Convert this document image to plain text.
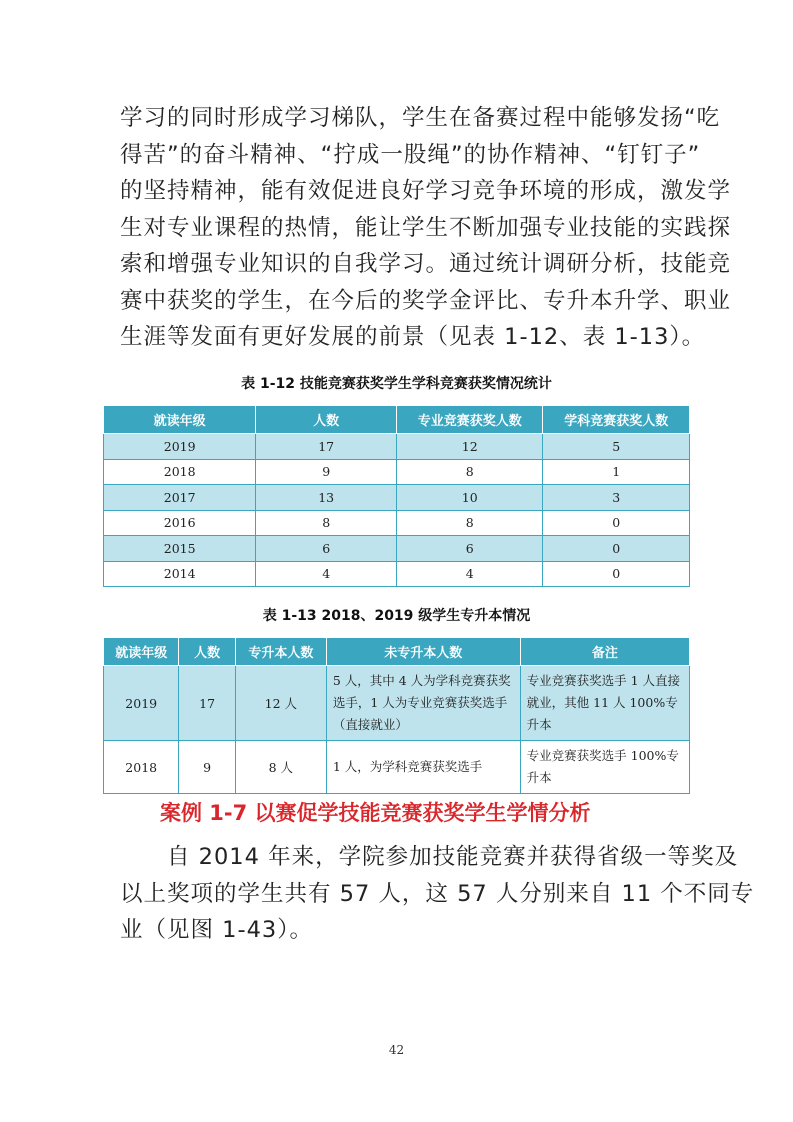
学习的同时形成学习梯队，学生在备赛过程中能够发扬“吃
得苦”的奋斗精神、“拧成一股绳”的协作精神、“钉钉子”
的坚持精神，能有效促进良好学习竞争环境的形成，激发学
生对专业课程的热情，能让学生不断加强专业技能的实践探
索和增强专业知识的自我学习。通过统计调研分析，技能竞
赛中获奖的学生，在今后的奖学金评比、专升本升学、职业
生涯等发面有更好发展的前景（见表 1-12、表 1-13）。
表 1-12 技能竞赛获奖学生学科竞赛获奖情况统计
就读年级	人数	专业竞赛获奖人数	学科竞赛获奖人数
2019	17	12	5
2018	9	8	1
2017	13	10	3
2016	8	8	0
2015	6	6	0
2014	4	4	0
表 1-13 2018、2019 级学生专升本情况
就读年级	人数	专升本人数	未专升本人数	备注
2019	17	12 人	5 人，其中 4 人为学科竞赛获奖选手，1 人为专业竞赛获奖选手（直接就业）	专业竞赛获奖选手 1 人直接就业，其他 11 人 100%专升本
2018	9	8 人	1 人，为学科竞赛获奖选手	专业竞赛获奖选手 100%专升本
案例 1-7 以赛促学技能竞赛获奖学生学情分析
　　自 2014 年来，学院参加技能竞赛并获得省级一等奖及
以上奖项的学生共有 57 人，这 57 人分别来自 11 个不同专
业（见图 1-43）。
42
